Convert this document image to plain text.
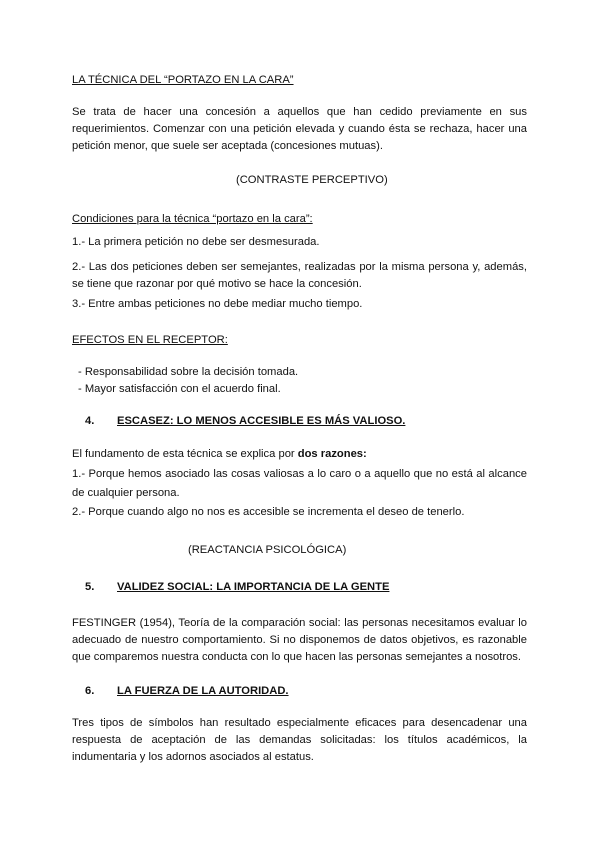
LA TÉCNICA DEL “PORTAZO EN LA CARA”
Se trata de hacer una concesión a aquellos que han cedido previamente en sus
requerimientos. Comenzar con una petición elevada y cuando ésta se rechaza, hacer una
petición menor, que suele ser aceptada (concesiones mutuas).
(CONTRASTE PERCEPTIVO)
Condiciones para la técnica “portazo en la cara”:
1.- La primera petición no debe ser desmesurada.
2.- Las dos peticiones deben ser semejantes, realizadas por la misma persona y, además,
se tiene que razonar por qué motivo se hace la concesión.
3.- Entre ambas peticiones no debe mediar mucho tiempo.
EFECTOS EN EL RECEPTOR:
- Responsabilidad sobre la decisión tomada.
- Mayor satisfacción con el acuerdo final.
4. ESCASEZ: LO MENOS ACCESIBLE ES MÁS VALIOSO.
El fundamento de esta técnica se explica por dos razones:
1.- Porque hemos asociado las cosas valiosas a lo caro o a aquello que no está al alcance
de cualquier persona.
2.- Porque cuando algo no nos es accesible se incrementa el deseo de tenerlo.
(REACTANCIA PSICOLÓGICA)
5. VALIDEZ SOCIAL: LA IMPORTANCIA DE LA GENTE
FESTINGER (1954), Teoría de la comparación social: las personas necesitamos evaluar lo
adecuado de nuestro comportamiento. Si no disponemos de datos objetivos, es razonable
que comparemos nuestra conducta con lo que hacen las personas semejantes a nosotros.
6. LA FUERZA DE LA AUTORIDAD.
Tres tipos de símbolos han resultado especialmente eficaces para desencadenar una
respuesta de aceptación de las demandas solicitadas: los títulos académicos, la
indumentaria y los adornos asociados al estatus.
